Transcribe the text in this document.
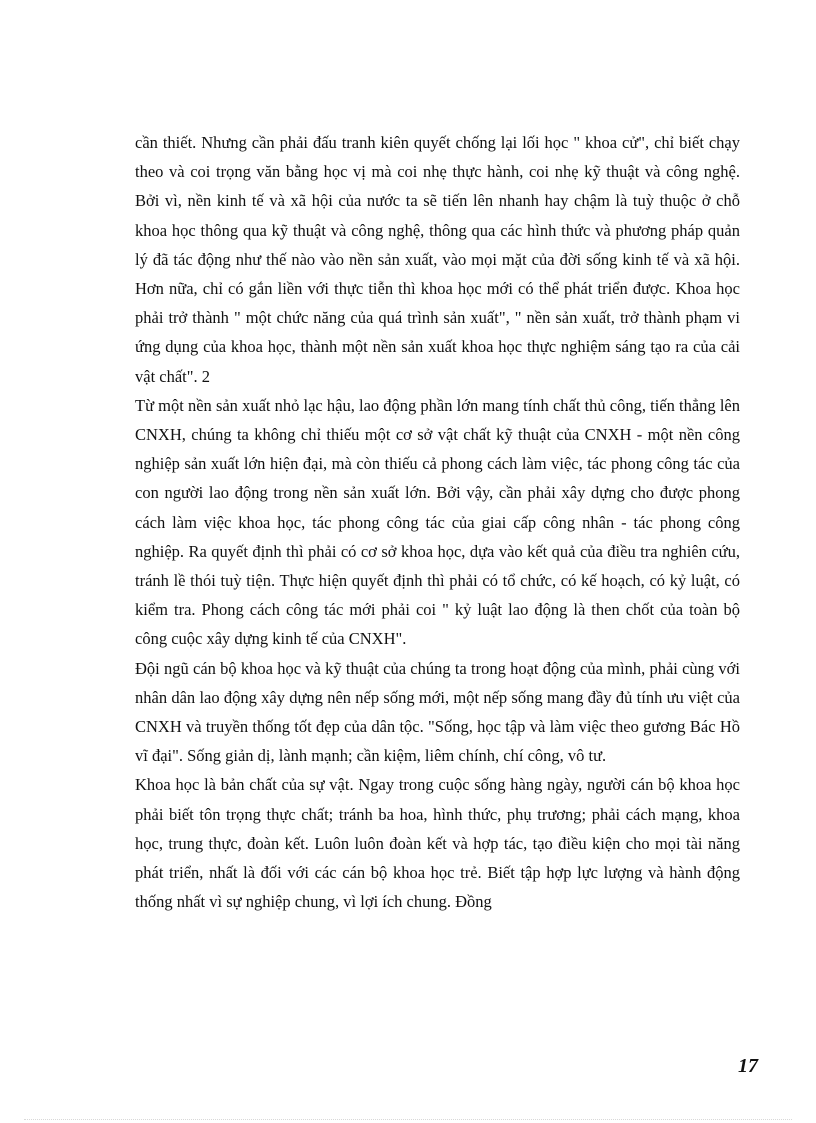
cần thiết. Nhưng cần phải đấu tranh kiên quyết chống lại lối học " khoa cử", chỉ biết chạy theo và coi trọng văn bằng học vị mà coi nhẹ thực hành, coi nhẹ kỹ thuật và công nghệ. Bởi vì, nền kinh tế và xã hội của nước ta sẽ tiến lên nhanh hay chậm là tuỳ thuộc ở chỗ khoa học thông qua kỹ thuật và công nghệ, thông qua các hình thức và phương pháp quản lý đã tác động như thế nào vào nền sản xuất, vào mọi mặt của đời sống kinh tế và xã hội. Hơn nữa, chỉ có gắn liền với thực tiễn thì khoa học mới có thể phát triển được. Khoa học phải trở thành " một chức năng của quá trình sản xuất", " nền sản xuất, trở thành phạm vi ứng dụng của khoa học, thành một nền sản xuất khoa học thực nghiệm sáng tạo ra của cải vật chất". 2

Từ một nền sản xuất nhỏ lạc hậu, lao động phần lớn mang tính chất thủ công, tiến thẳng lên CNXH, chúng ta không chỉ thiếu một cơ sở vật chất kỹ thuật của CNXH - một nền công nghiệp sản xuất lớn hiện đại, mà còn thiếu cả phong cách làm việc, tác phong công tác của con người lao động trong nền sản xuất lớn. Bởi vậy, cần phải xây dựng cho được phong cách làm việc khoa học, tác phong công tác của giai cấp công nhân - tác phong công nghiệp. Ra quyết định thì phải có cơ sở khoa học, dựa vào kết quả của điều tra nghiên cứu, tránh lề thói tuỳ tiện. Thực hiện quyết định thì phải có tổ chức, có kế hoạch, có kỷ luật, có kiểm tra. Phong cách công tác mới phải coi " kỷ luật lao động là then chốt của toàn bộ công cuộc xây dựng kinh tế của CNXH".

Đội ngũ cán bộ khoa học và kỹ thuật của chúng ta trong hoạt động của mình, phải cùng với nhân dân lao động xây dựng nên nếp sống mới, một nếp sống mang đầy đủ tính ưu việt của CNXH và truyền thống tốt đẹp của dân tộc. "Sống, học tập và làm việc theo gương Bác Hồ vĩ đại". Sống giản dị, lành mạnh; cần kiệm, liêm chính, chí công, vô tư.

Khoa học là bản chất của sự vật. Ngay trong cuộc sống hàng ngày, người cán bộ khoa học phải biết tôn trọng thực chất; tránh ba hoa, hình thức, phụ trương; phải cách mạng, khoa học, trung thực, đoàn kết. Luôn luôn đoàn kết và hợp tác, tạo điều kiện cho mọi tài năng phát triển, nhất là đối với các cán bộ khoa học trẻ. Biết tập hợp lực lượng và hành động thống nhất vì sự nghiệp chung, vì lợi ích chung. Đồng

17
